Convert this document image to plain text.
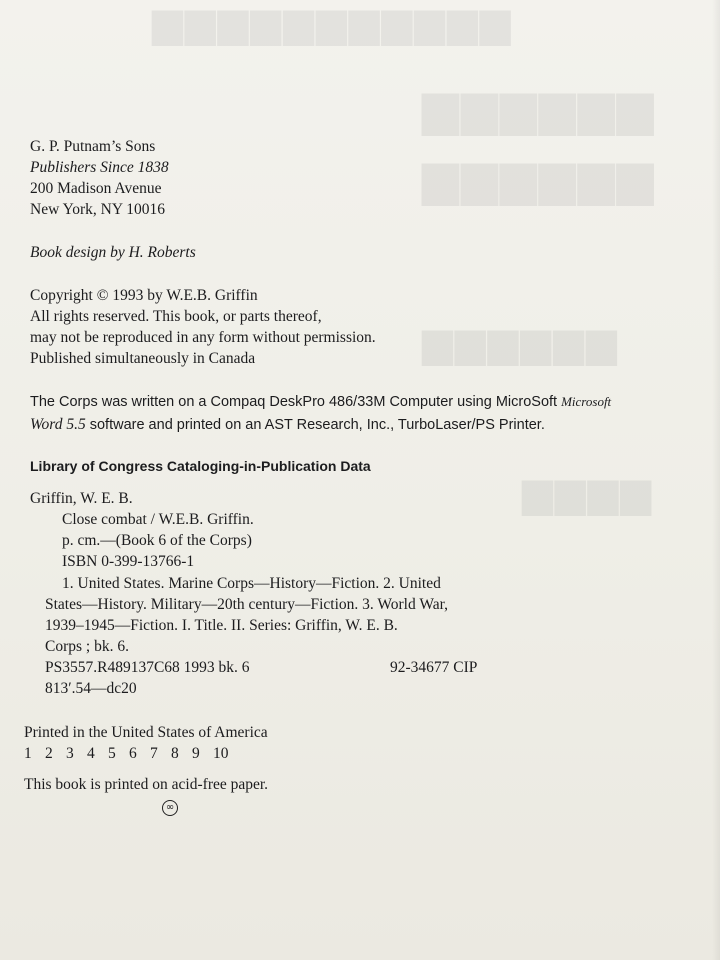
▆▆▆▆▆▆▆▆▆▆▆
▆▆▆▆▆▆
▆▆▆▆▆▆
▆▆▆▆▆▆
▆▆▆▆
G. P. Putnam’s Sons
Publishers Since 1838
200 Madison Avenue
New York, NY 10016
Book design by H. Roberts
Copyright © 1993 by W.E.B. Griffin
All rights reserved. This book, or parts thereof,
may not be reproduced in any form without permission.
Published simultaneously in Canada
The Corps was written on a Compaq DeskPro 486/33M Computer using MicroSoft Microsoft
Word 5.5 software and printed on an AST Research, Inc., TurboLaser/PS Printer.
Library of Congress Cataloging-in-Publication Data
Griffin, W. E. B.
Close combat / W.E.B. Griffin.
p. cm.—(Book 6 of the Corps)
ISBN 0-399-13766-1
1. United States. Marine Corps—History—Fiction. 2. United
States—History. Military—20th century—Fiction. 3. World War,
1939–1945—Fiction. I. Title. II. Series: Griffin, W. E. B.
Corps ; bk. 6.
PS3557.R489137C68 1993 bk. 6	92-34677 CIP
813′.54—dc20
Printed in the United States of America
1 2 3 4 5 6 7 8 9 10
This book is printed on acid-free paper.
∞
